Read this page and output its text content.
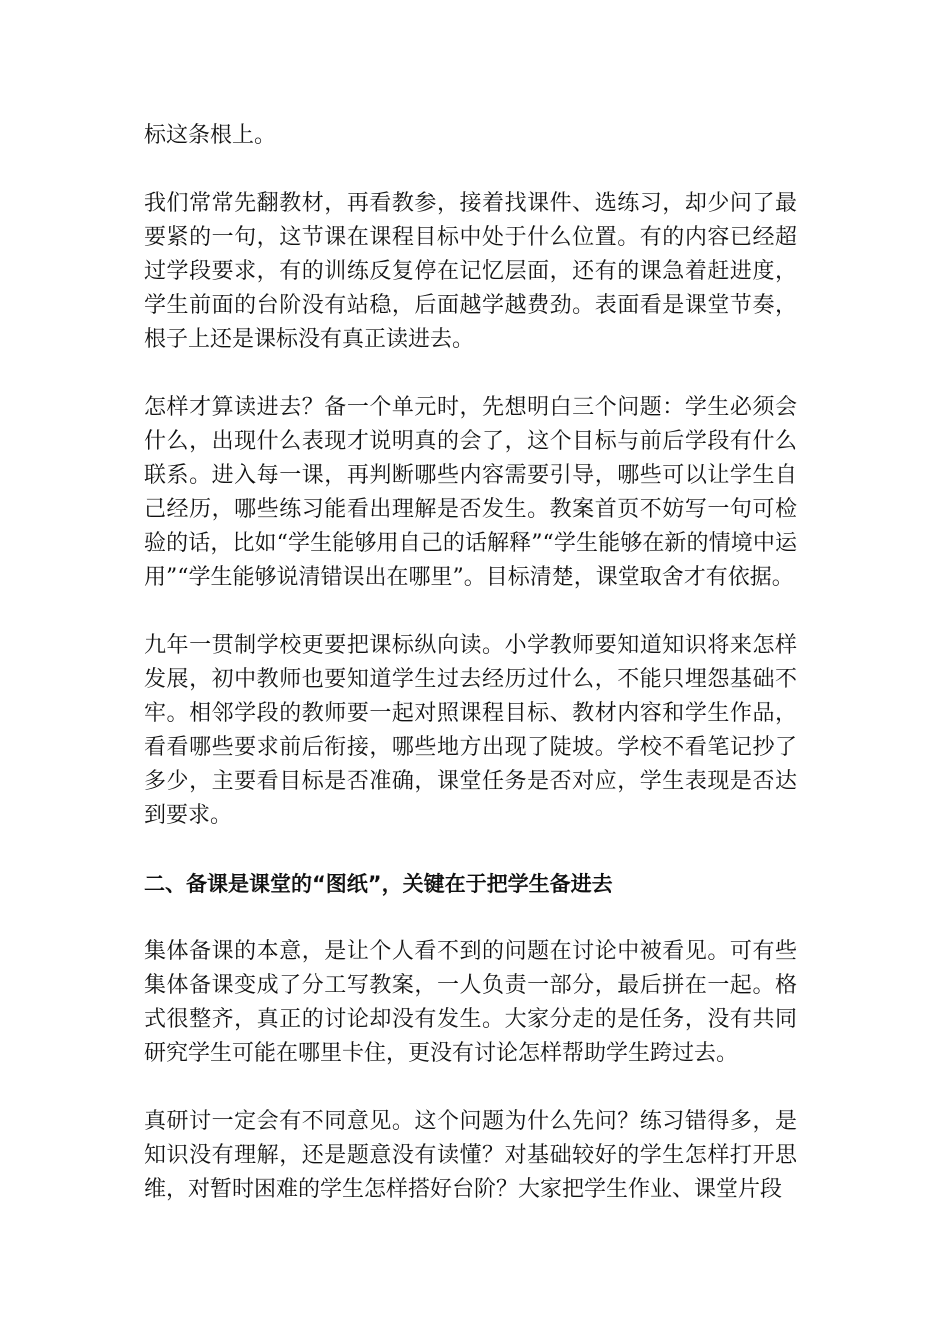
标这条根上。

我们常常先翻教材，再看教参，接着找课件、选练习，却少问了最要紧的一句，这节课在课程目标中处于什么位置。有的内容已经超过学段要求，有的训练反复停在记忆层面，还有的课急着赶进度，学生前面的台阶没有站稳，后面越学越费劲。表面看是课堂节奏，根子上还是课标没有真正读进去。

怎样才算读进去？备一个单元时，先想明白三个问题：学生必须会什么，出现什么表现才说明真的会了，这个目标与前后学段有什么联系。进入每一课，再判断哪些内容需要引导，哪些可以让学生自己经历，哪些练习能看出理解是否发生。教案首页不妨写一句可检验的话，比如“学生能够用自己的话解释”“学生能够在新的情境中运用”“学生能够说清错误出在哪里”。目标清楚，课堂取舍才有依据。

九年一贯制学校更要把课标纵向读。小学教师要知道知识将来怎样发展，初中教师也要知道学生过去经历过什么，不能只埋怨基础不牢。相邻学段的教师要一起对照课程目标、教材内容和学生作品，看看哪些要求前后衔接，哪些地方出现了陡坡。学校不看笔记抄了多少，主要看目标是否准确，课堂任务是否对应，学生表现是否达到要求。

二、备课是课堂的“图纸”，关键在于把学生备进去

集体备课的本意，是让个人看不到的问题在讨论中被看见。可有些集体备课变成了分工写教案，一人负责一部分，最后拼在一起。格式很整齐，真正的讨论却没有发生。大家分走的是任务，没有共同研究学生可能在哪里卡住，更没有讨论怎样帮助学生跨过去。

真研讨一定会有不同意见。这个问题为什么先问？练习错得多，是知识没有理解，还是题意没有读懂？对基础较好的学生怎样打开思维，对暂时困难的学生怎样搭好台阶？大家把学生作业、课堂片段
